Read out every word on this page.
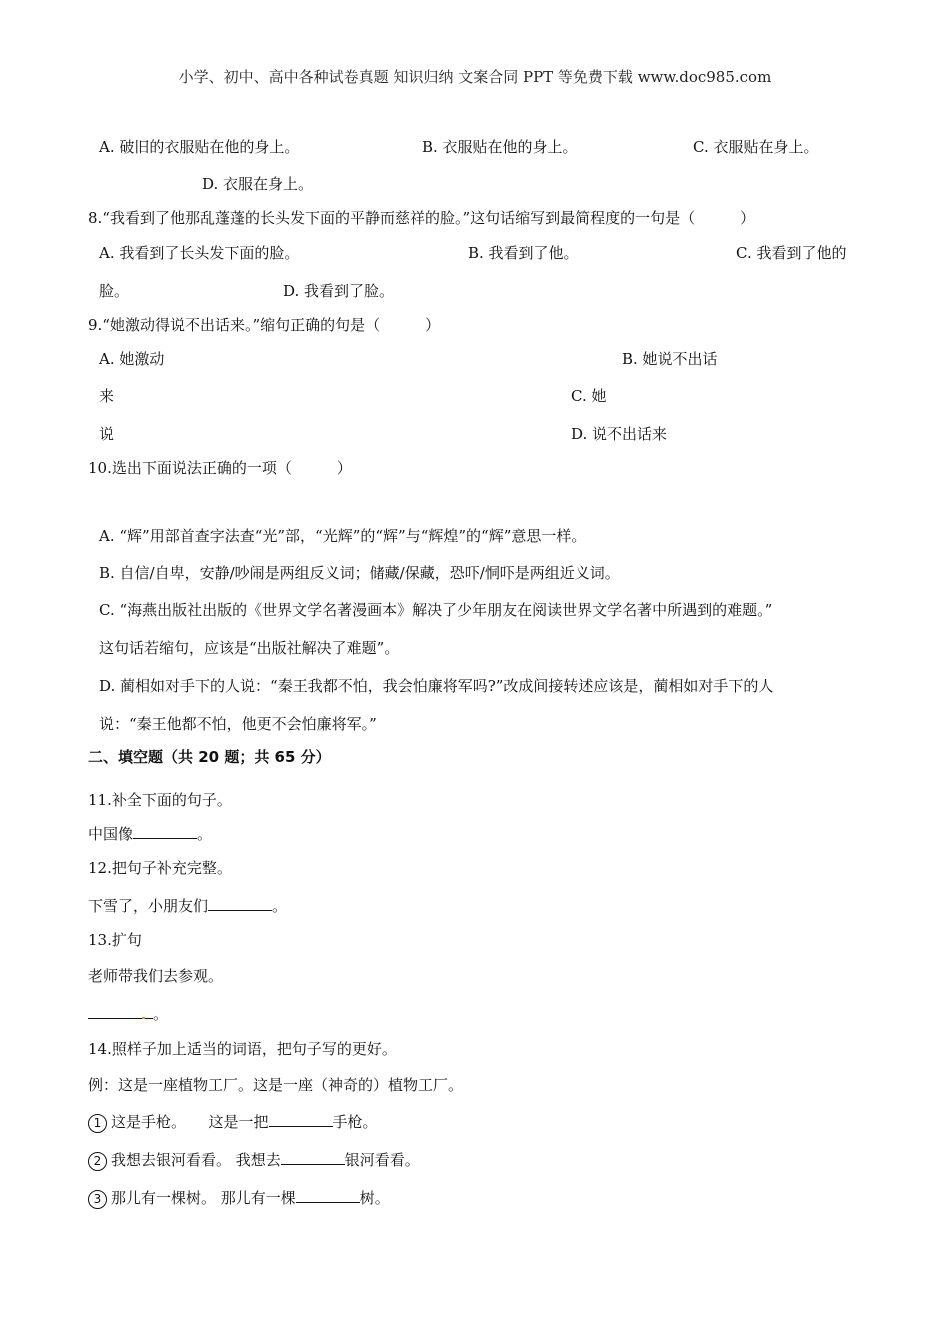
小学、初中、高中各种试卷真题 知识归纳 文案合同 PPT 等免费下载 www.doc985.com
A. 破旧的衣服贴在他的身上。	B. 衣服贴在他的身上。	C. 衣服贴在身上。
D. 衣服在身上。
8.“我看到了他那乱蓬蓬的长头发下面的平静而慈祥的脸。”这句话缩写到最简程度的一句是（　　　）
A. 我看到了长头发下面的脸。	B. 我看到了他。	C. 我看到了他的
脸。	D. 我看到了脸。
9.“她激动得说不出话来。”缩句正确的句是（　　　）
A. 她激动	B. 她说不出话
来	C. 她
说	D. 说不出话来
10.选出下面说法正确的一项（　　　）
A. “辉”用部首查字法查“光”部，“光辉”的“辉”与“辉煌”的“辉”意思一样。
B. 自信/自卑，安静/吵闹是两组反义词；储藏/保藏，恐吓/恫吓是两组近义词。
C. “海燕出版社出版的《世界文学名著漫画本》解决了少年朋友在阅读世界文学名著中所遇到的难题。”
这句话若缩句，应该是“出版社解决了难题”。
D. 蔺相如对手下的人说：“秦王我都不怕，我会怕廉将军吗?”改成间接转述应该是，蔺相如对手下的人
说：“秦王他都不怕，他更不会怕廉将军。”
二、填空题（共 20 题；共 65 分）
11.补全下面的句子。
中国像	。
12.把句子补充完整。
下雪了，小朋友们	。
13.扩句
老师带我们去参观。
。
14.照样子加上适当的词语，把句子写的更好。
例：这是一座植物工厂。这是一座（神奇的）植物工厂。
1 这是手枪。　　这是一把	手枪。
2 我想去银河看看。 我想去	银河看看。
3 那儿有一棵树。 那儿有一棵	树。
